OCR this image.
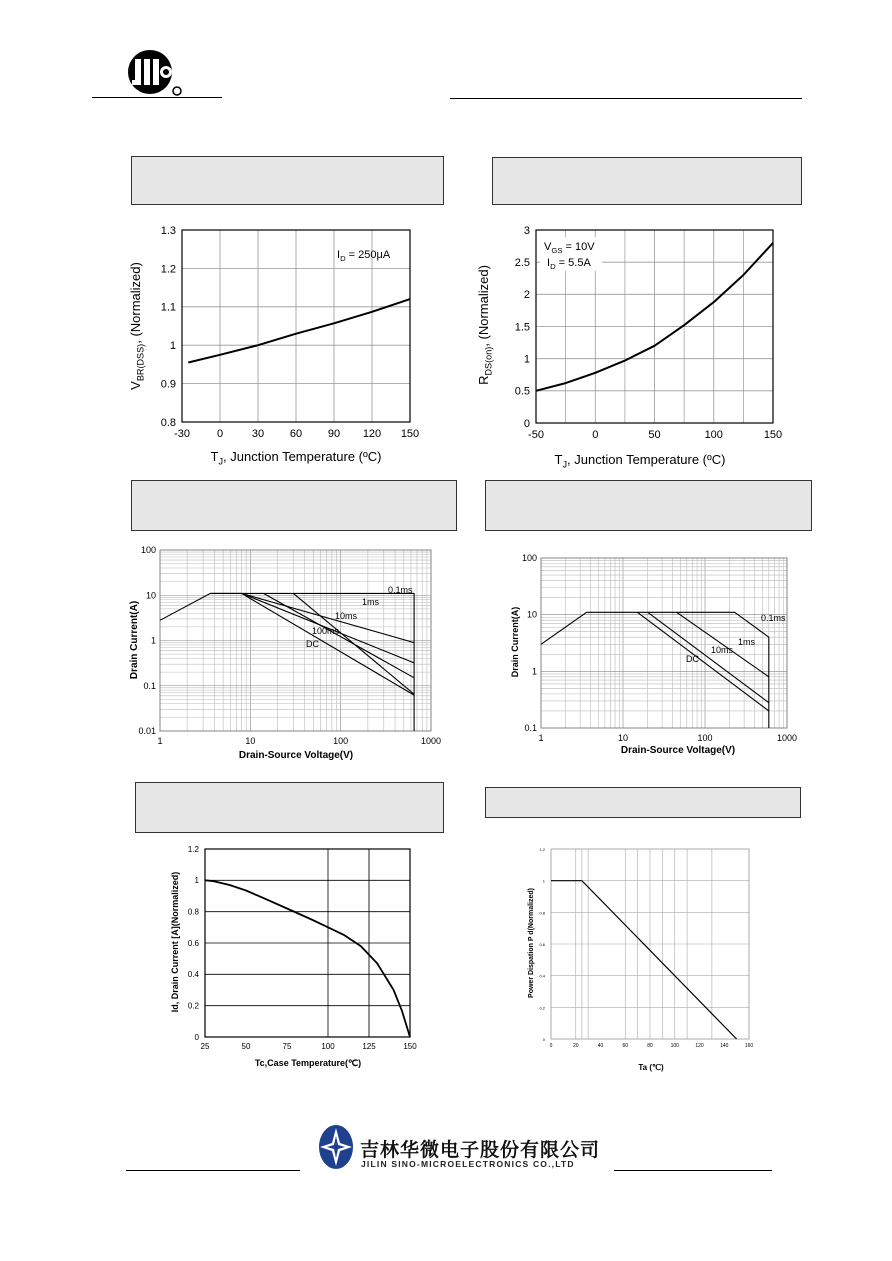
-30 0	30 60 90 120 150
0.8
0.9
1
1.1
1.2
1.3
$T_J$, Junction Temperature (ºC)
$V_{BR(DSS)}$, (Normalized)
$I_D = 250\mu A$
-50	0	50	100	150
0
0.5
1
1.5
2
2.5
3
$T_J$, Junction Temperature (ºC)
$R_{DS(on)}$, (Normalized)
$V_{GS} = 10V$
$I_D = 5.5A$
1	10	100	1000
0.01
0.1
1
10
100
0.1ms
1ms
10ms
100ms
DC
Drain-Source Voltage(V)
Drain Current(A)
1	10	100	1000
0.1
1
10
100
0.1ms
1ms
10ms
DC
Drain-Source Voltage(V)
Drain Current(A)
25	50	75	100	125	150
0
0.2
0.4
0.6
0.8
1
1.2
Tc,Case Temperature(℃)
Id, Drain Current [A](Normalized)
0
0.2
0.4
0.6
0.8
1
1.2
0	20	40	60	80	100	120	140	160
Ta (℃)
Power Dispation P d(Normalized)
吉林华微电子股份有限公司
JILIN SINO-MICROELECTRONICS CO.,LTD
